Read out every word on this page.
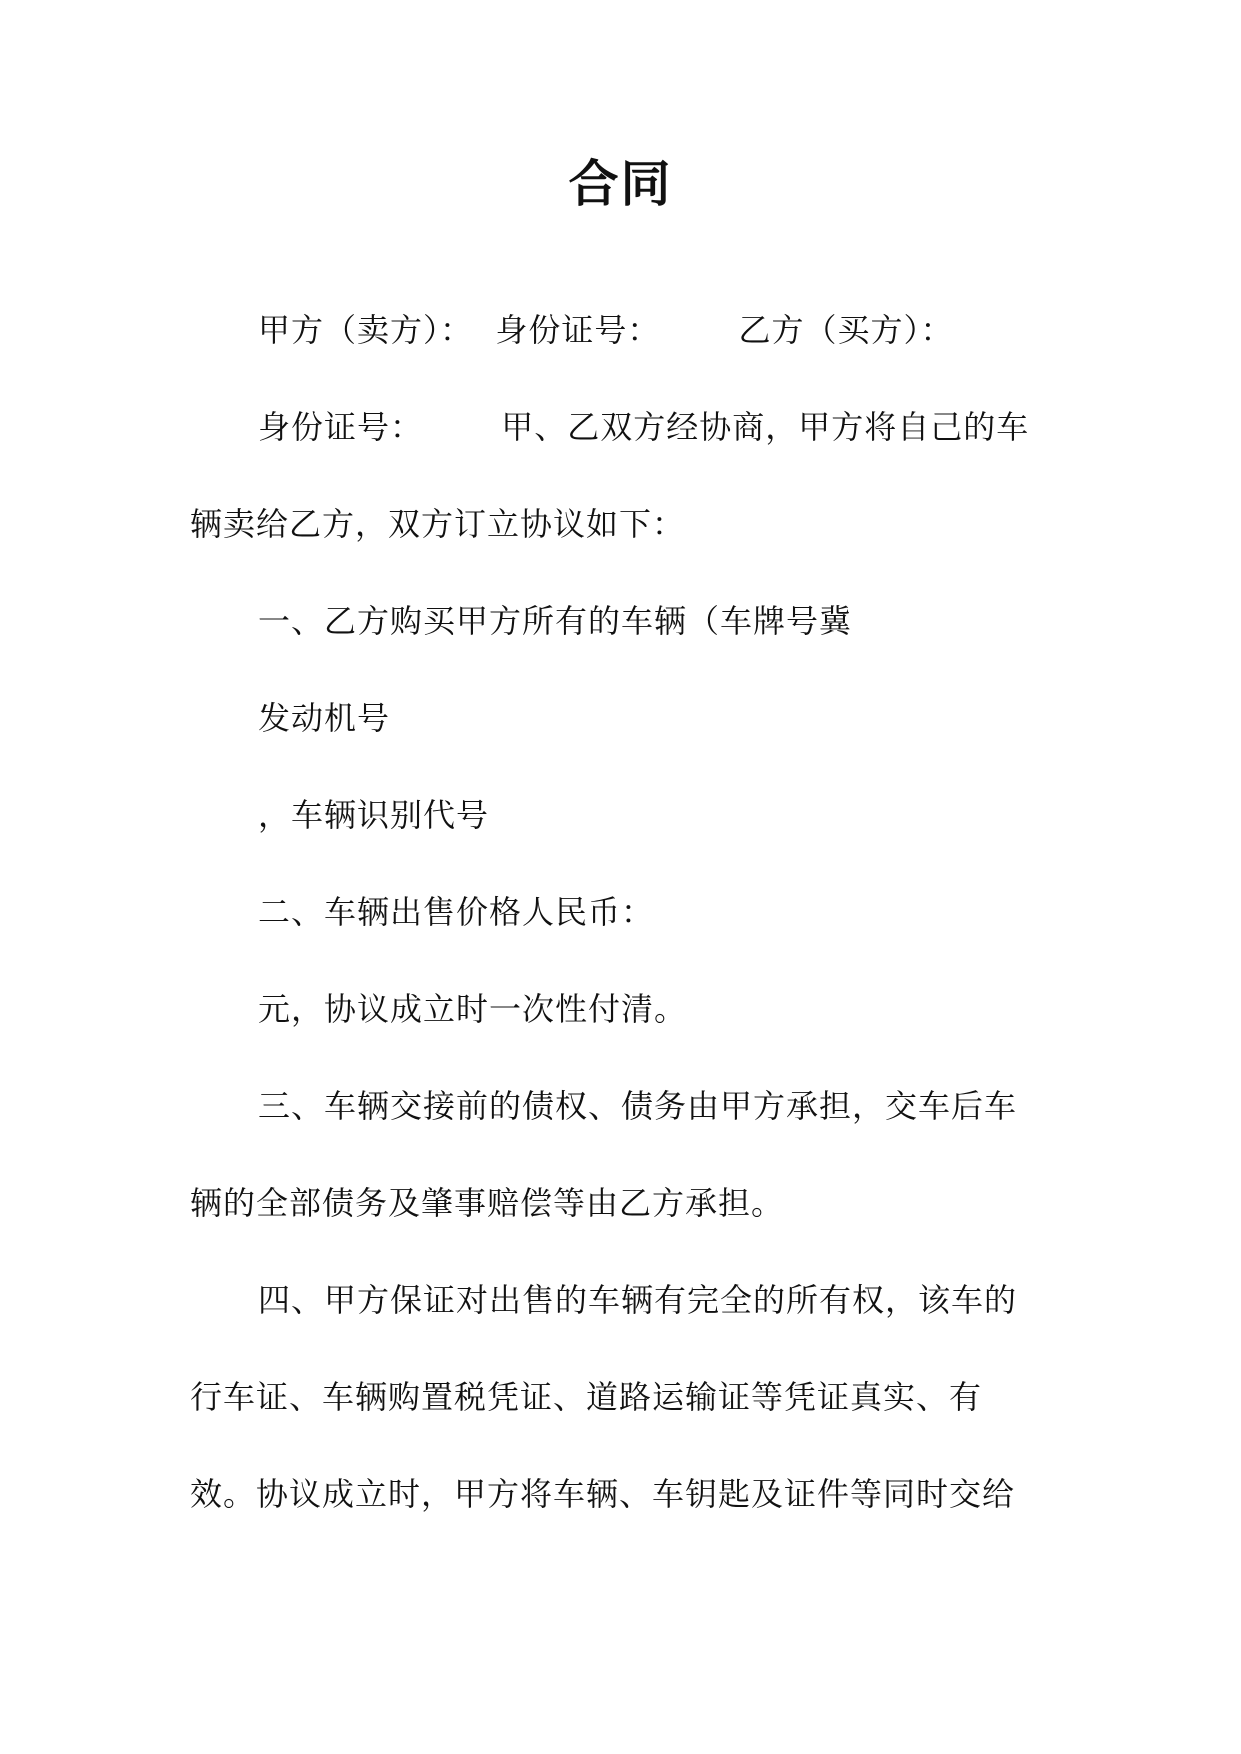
合同
甲方（卖方）：  身份证号：       乙方（买方）：
身份证号：       甲、乙双方经协商，甲方将自己的车
辆卖给乙方，双方订立协议如下：
一、乙方购买甲方所有的车辆（车牌号冀
发动机号
，车辆识别代号
二、车辆出售价格人民币：
元，协议成立时一次性付清。
三、车辆交接前的债权、债务由甲方承担，交车后车
辆的全部债务及肇事赔偿等由乙方承担。
四、甲方保证对出售的车辆有完全的所有权，该车的
行车证、车辆购置税凭证、道路运输证等凭证真实、有
效。协议成立时，甲方将车辆、车钥匙及证件等同时交给
